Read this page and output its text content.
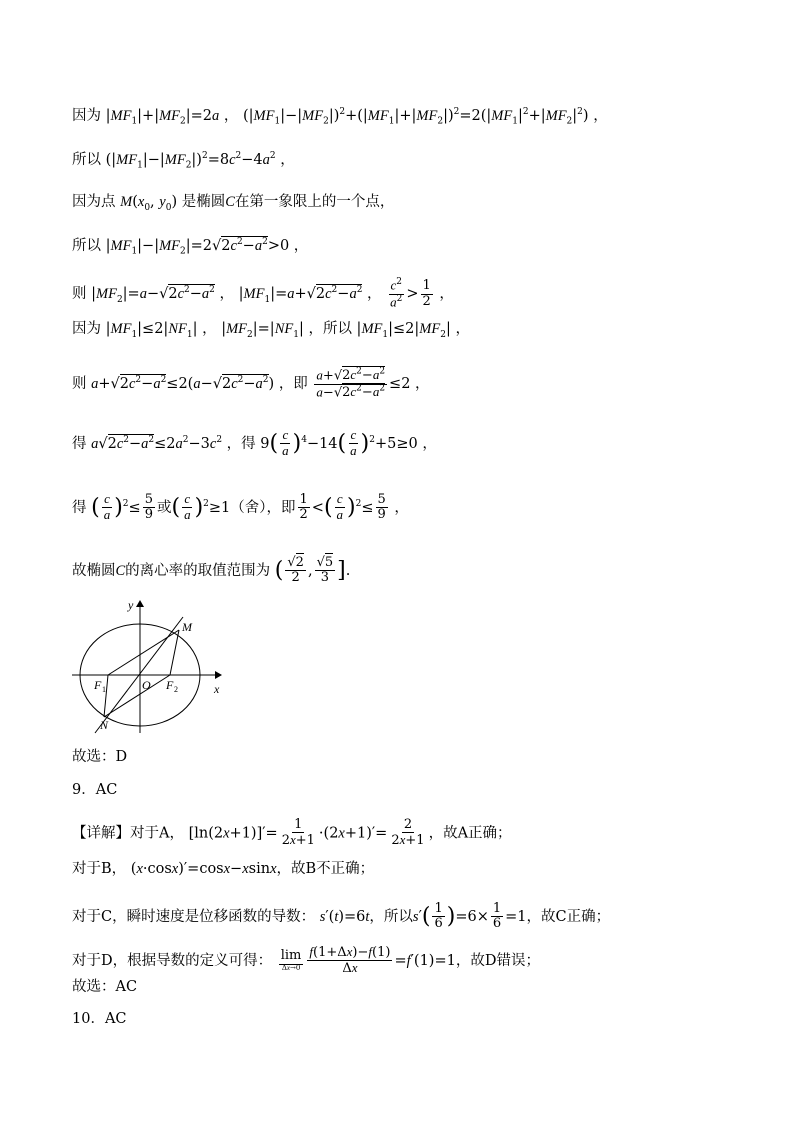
因为 $|MF_1|+|MF_2|=2a$ ， $(|MF_1|-|MF_2|)^2+(|MF_1|+|MF_2|)^2=2(|MF_1|^2+|MF_2|^2)$ ，
所以 $(|MF_1|-|MF_2|)^2=8c^2-4a^2$ ，
因为点 $M(x_0$, $y_0$) 是椭圆C在第一象限上的一个点，
所以 $|MF_1|-|MF_2|=2√2c^2-a^2>0$ ，
则 $|MF_2|=a-√2c^2-a^2$ ， $|MF_1|=a+√2c^2-a^2$ ， $\frac{c^2}{a^2} > \frac{1}{2}$ ，
因为 $|MF_1|\le 2|NF_1|$ ， $|MF_2|=|NF_1|$ ，所以 $|MF_1|\le 2|MF_2|$ ，
则 $a+√2c^2-a^2\le 2(a-√2c^2-a^2)$ ，即 $\frac{a+√2c^2-a^2}{a-√2c^2-a^2} \le 2$ ，
得 $a√2c^2-a^2\le 2a^2-3c^2$ ，得 $9( \frac{c}{a} )^4-14( \frac{c}{a} )^2+5\ge 0$ ，
得 ( $\frac{c}{a} )^2\le \frac{5}{9}$ 或( $\frac{c}{a} )^2\ge 1$（舍），即 $\frac{1}{2}$ <( $\frac{c}{a} )^2\le \frac{5}{9}$ ，
故椭圆C的离心率的取值范围为 ( $\frac{√2}{2}$ , $\frac{√5}{3}$ ].
y
x
M
O
F 1	F 2
N
故选：D
9．AC
【详解】对于A， $[\ln(2x+1)]'= \frac{1}{2x+1} \cdot(2x+1)'= \frac{2}{2x+1}$ ，故A正确；
对于B， (x·cosx)′=cosx−xsinx，故B不正确；
对于C，瞬时速度是位移函数的导数： s′(t)=6t，所以$s'( \frac{1}{6} )=6\times \frac{1}{6} =1$，故C正确；
对于D，根据导数的定义可得： $\frac{\lim}{\Delta x\to 0} \frac{f(1+\Delta x)-f(1)}{\Delta x} =f'(1)=1$，故D错误；
故选：AC
10．AC
